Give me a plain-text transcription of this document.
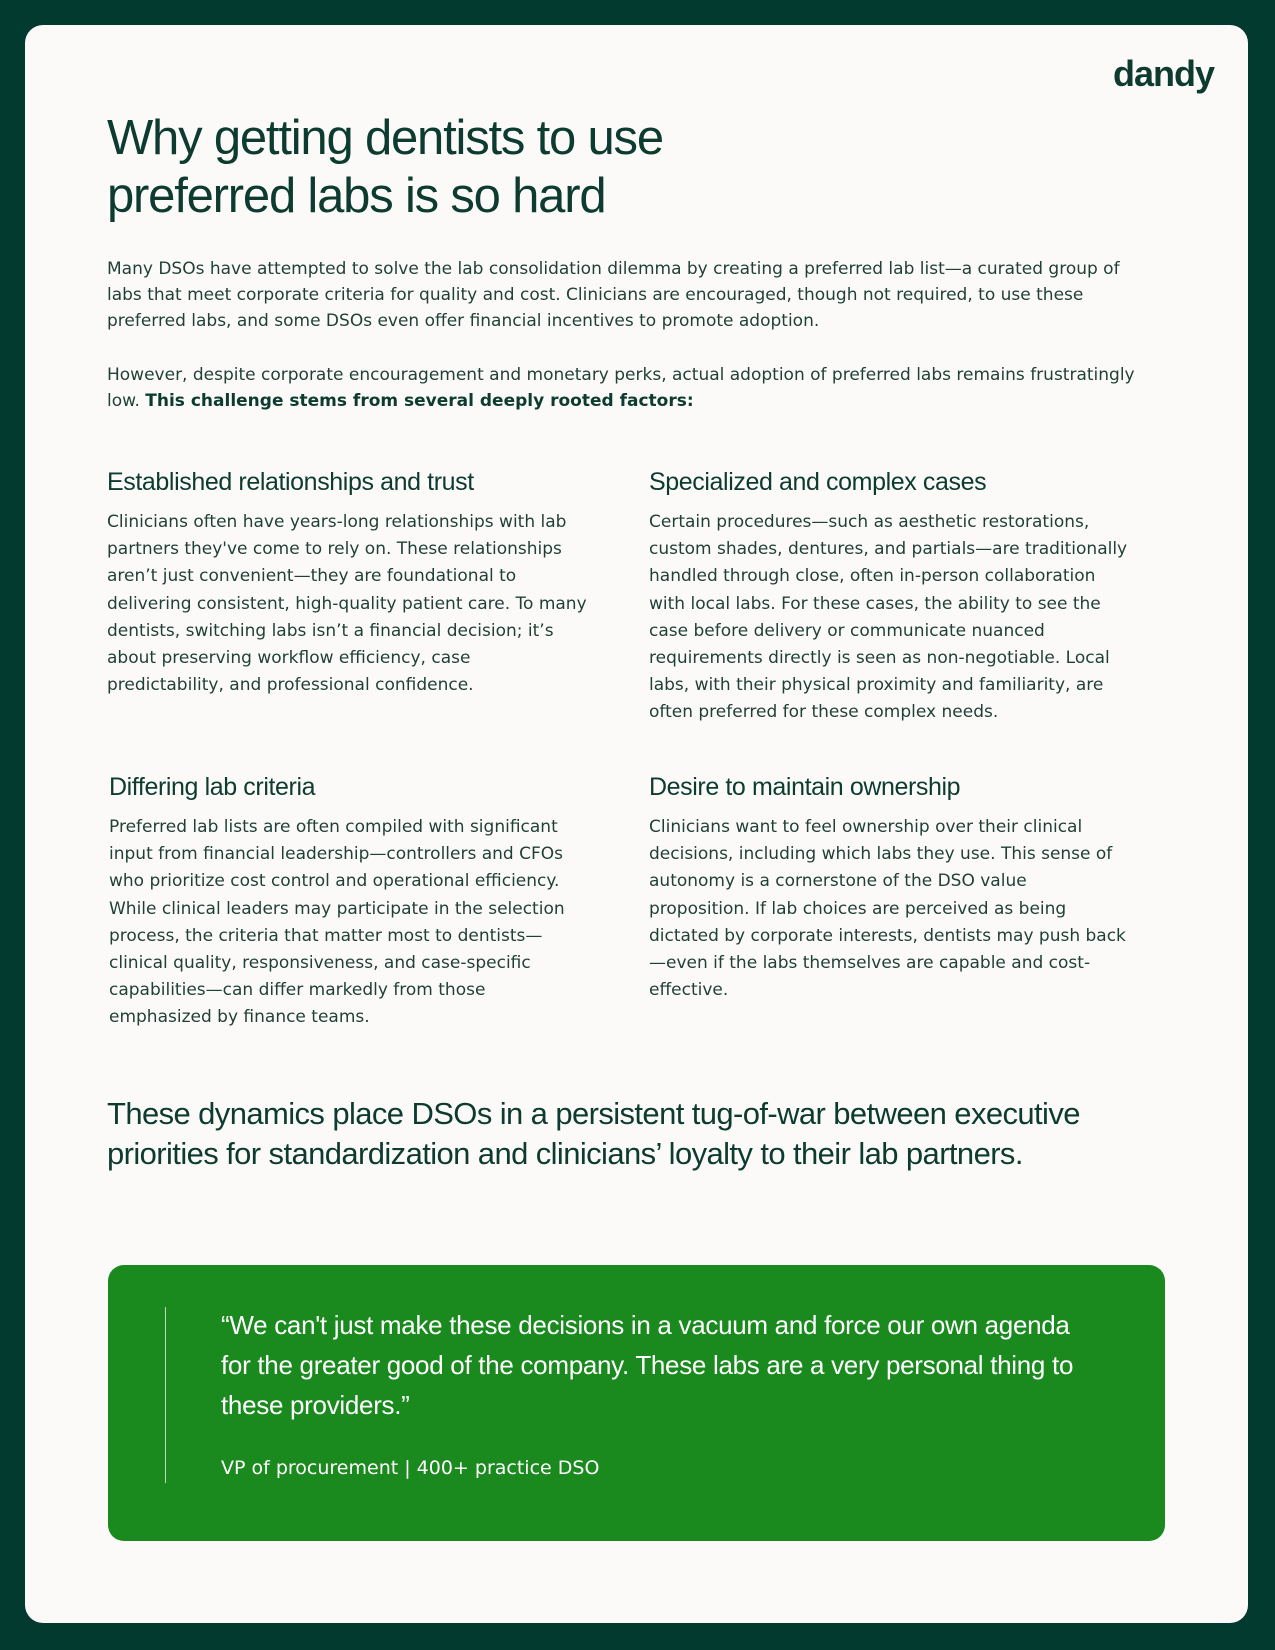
dandy
Why getting dentists to use
preferred labs is so hard

Many DSOs have attempted to solve the lab consolidation dilemma by creating a preferred lab list—a curated group of labs that meet corporate criteria for quality and cost. Clinicians are encouraged, though not required, to use these preferred labs, and some DSOs even offer financial incentives to promote adoption.

However, despite corporate encouragement and monetary perks, actual adoption of preferred labs remains frustratingly low. This challenge stems from several deeply rooted factors:

Established relationships and trust

Clinicians often have years-long relationships with lab partners they've come to rely on. These relationships aren’t just convenient—they are foundational to delivering consistent, high-quality patient care. To many dentists, switching labs isn’t a financial decision; it’s about preserving workflow efficiency, case predictability, and professional confidence.

Specialized and complex cases

Certain procedures—such as aesthetic restorations, custom shades, dentures, and partials—are traditionally handled through close, often in-person collaboration with local labs. For these cases, the ability to see the case before delivery or communicate nuanced requirements directly is seen as non-negotiable. Local labs, with their physical proximity and familiarity, are often preferred for these complex needs.

Differing lab criteria

Preferred lab lists are often compiled with significant input from financial leadership—controllers and CFOs who prioritize cost control and operational efficiency. While clinical leaders may participate in the selection process, the criteria that matter most to dentists—clinical quality, responsiveness, and case-specific capabilities—can differ markedly from those emphasized by finance teams.

Desire to maintain ownership

Clinicians want to feel ownership over their clinical decisions, including which labs they use. This sense of autonomy is a cornerstone of the DSO value proposition. If lab choices are perceived as being dictated by corporate interests, dentists may push back—even if the labs themselves are capable and cost-effective.

These dynamics place DSOs in a persistent tug-of-war between executive priorities for standardization and clinicians’ loyalty to their lab partners.

“We can't just make these decisions in a vacuum and force our own agenda for the greater good of the company. These labs are a very personal thing to these providers.”

VP of procurement | 400+ practice DSO
